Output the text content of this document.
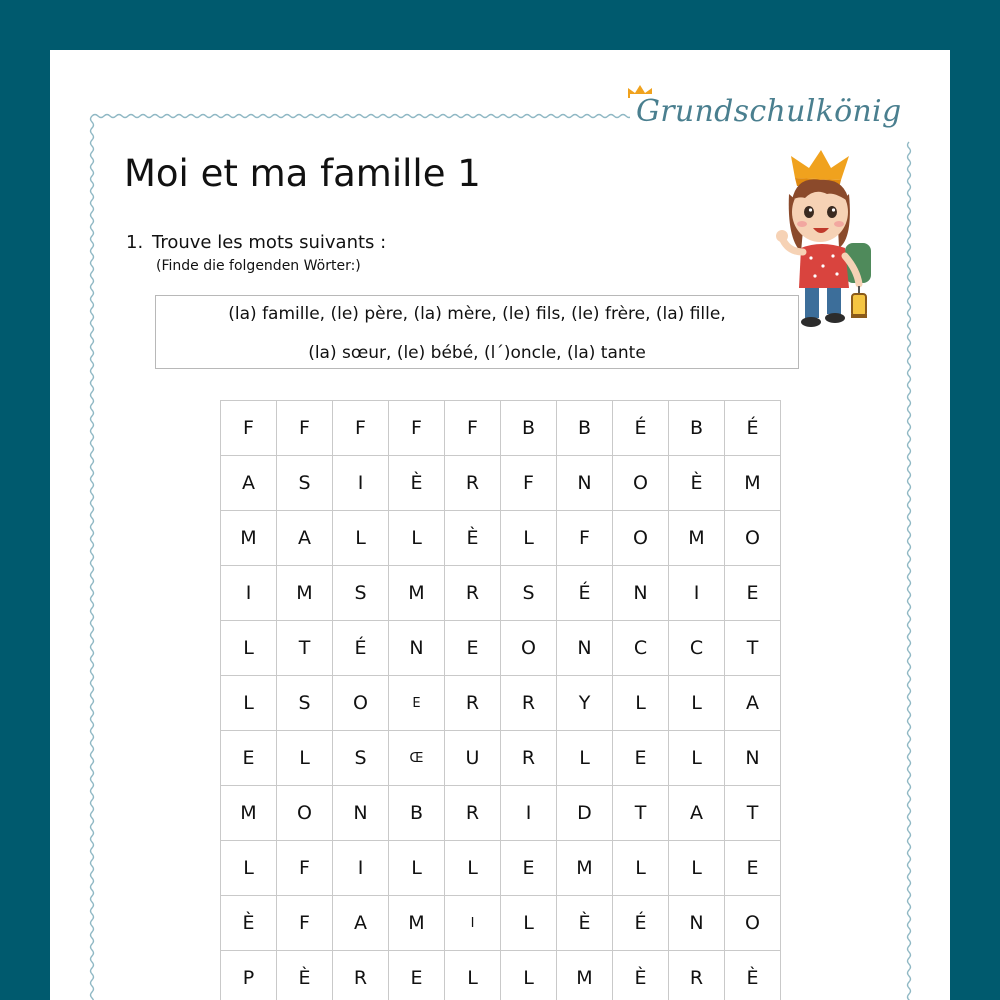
Grundschulkönig
Moi et ma famille 1
1. Trouve les mots suivants :
(Finde die folgenden Wörter:)
(la) famille, (le) père, (la) mère, (le) fils, (le) frère, (la) fille,
(la) sœur, (le) bébé, (l´)oncle, (la) tante
F	F	F	F	F	B	B	É	B	É
A	S	I	È	R	F	N	O	È	M
M	A	L	L	È	L	F	O	M	O
I	M	S	M	R	S	É	N	I	E
L	T	É	N	E	O	N	C	C	T
L	S	O	E	R	R	Y	L	L	A
E	L	S	Œ	U	R	L	E	L	N
M	O	N	B	R	I	D	T	A	T
L	F	I	L	L	E	M	L	L	E
È	F	A	M	I	L	È	É	N	O
P	È	R	E	L	L	M	È	R	È
